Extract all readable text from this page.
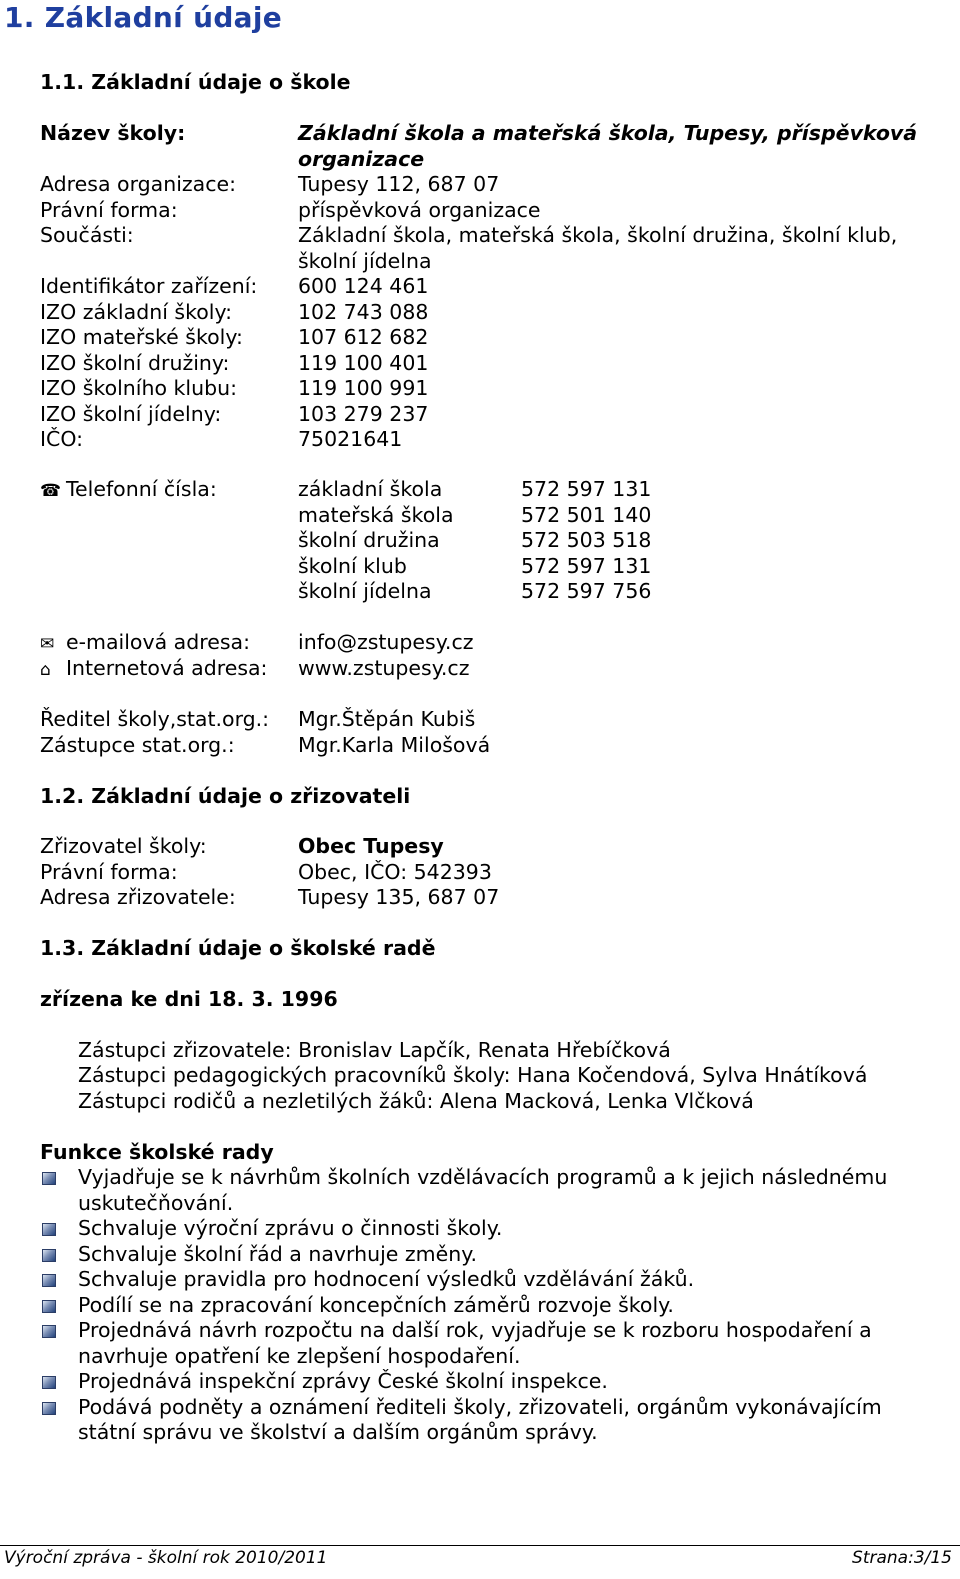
1. Základní údaje
1.1. Základní údaje o škole
Název školy:	Základní škola a mateřská škola, Tupesy, příspěvková
organizace
Adresa organizace:	Tupesy 112, 687 07
Právní forma:	příspěvková organizace
Součásti:	Základní škola, mateřská škola, školní družina, školní klub,
školní jídelna
Identifikátor zařízení: 600 124 461
IZO základní školy:	102 743 088
IZO mateřské školy:	107 612 682
IZO školní družiny:	119 100 401
IZO školního klubu:	119 100 991
IZO školní jídelny:	103 279 237
IČO:	75021641
☎ Telefonní čísla:	základní škola	572 597 131
mateřská škola	572 501 140
školní družina	572 503 518
školní klub	572 597 131
školní jídelna	572 597 756
✉ e-mailová adresa: info@zstupesy.cz
⌂ Internetová adresa: www.zstupesy.cz
Ředitel školy,stat.org.: Mgr.Štěpán Kubiš
Zástupce stat.org.:	Mgr.Karla Milošová
1.2. Základní údaje o zřizovateli
Zřizovatel školy:	Obec Tupesy
Právní forma:	Obec, IČO: 542393
Adresa zřizovatele:	Tupesy 135, 687 07
1.3. Základní údaje o školské radě
zřízena ke dni 18. 3. 1996
Zástupci zřizovatele: Bronislav Lapčík, Renata Hřebíčková
Zástupci pedagogických pracovníků školy: Hana Kočendová, Sylva Hnátíková
Zástupci rodičů a nezletilých žáků: Alena Macková, Lenka Vlčková
Funkce školské rady
Vyjadřuje se k návrhům školních vzdělávacích programů a k jejich následnému uskutečňování.
Schvaluje výroční zprávu o činnosti školy.
Schvaluje školní řád a navrhuje změny.
Schvaluje pravidla pro hodnocení výsledků vzdělávání žáků.
Podílí se na zpracování koncepčních záměrů rozvoje školy.
Projednává návrh rozpočtu na další rok, vyjadřuje se k rozboru hospodaření a navrhuje opatření ke zlepšení hospodaření.
Projednává inspekční zprávy České školní inspekce.
Podává podněty a oznámení řediteli školy, zřizovateli, orgánům vykonávajícím státní správu ve školství a dalším orgánům správy.
Výroční zpráva - školní rok 2010/2011	Strana:3/15
